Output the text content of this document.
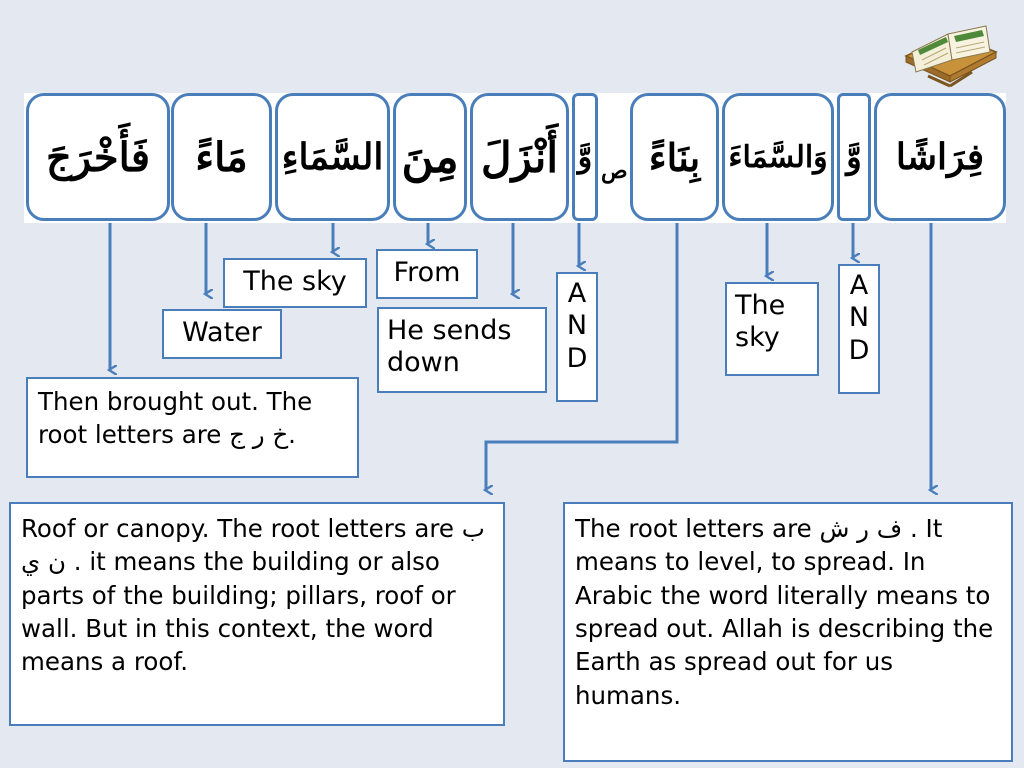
فَأَخْرَجَ	مَاءً السَّمَاءِ مِنَ أَنْزَلَ وَّ ص بِنَاءً وَالسَّمَاءَ وَّ فِرَاشًا
The sky
Water
From
He sends
down
A
N
D
The
sky
A
N
D
Then brought out. The
root letters are خ ر ج.
Roof or canopy. The root letters are ب ن ي . it means the building or also parts of the building; pillars, roof or wall. But in this context, the word means a roof.
The root letters are ف ر ش . It means to level, to spread. In Arabic the word literally means to spread out. Allah is describing the Earth as spread out for us humans.
